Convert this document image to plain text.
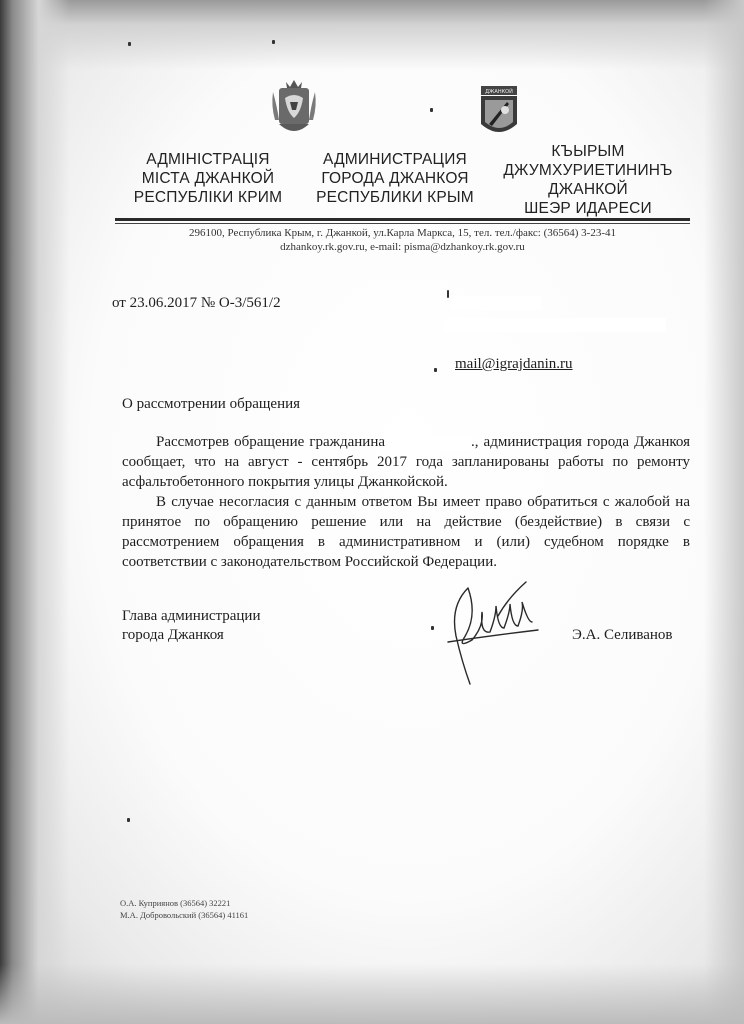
ДЖАНКОЙ
АДМІНІСТРАЦІЯ
МІСТА ДЖАНКОЙ
РЕСПУБЛІКИ КРИМ
АДМИНИСТРАЦИЯ
ГОРОДА ДЖАНКОЯ
РЕСПУБЛИКИ КРЫМ
КЪЫРЫМ
ДЖУМХУРИЕТИНИНЪ
ДЖАНКОЙ
ШЕЭР ИДАРЕСИ
296100, Республика Крым, г. Джанкой, ул.Карла Маркса, 15, тел. тел./факс: (36564) 3-23-41
dzhankoy.rk.gov.ru, e-mail: pisma@dzhankoy.rk.gov.ru
от 23.06.2017 № О-3/561/2
mail@igrajdanin.ru
О рассмотрении обращения
Рассмотрев обращение гражданина	., администрация города Джанкоя сообщает, что на август - сентябрь 2017 года запланированы работы по ремонту асфальтобетонного покрытия улицы Джанкойской.
В случае несогласия с данным ответом Вы имеет право обратиться с жалобой на принятое по обращению решение или на действие (бездействие) в связи с рассмотрением обращения в административном и (или) судебном порядке в соответствии с законодательством Российской Федерации.
Глава администрации
города Джанкоя	Э.А. Селиванов
О.А. Куприянов (36564) 32221
М.А. Добровольский (36564) 41161
